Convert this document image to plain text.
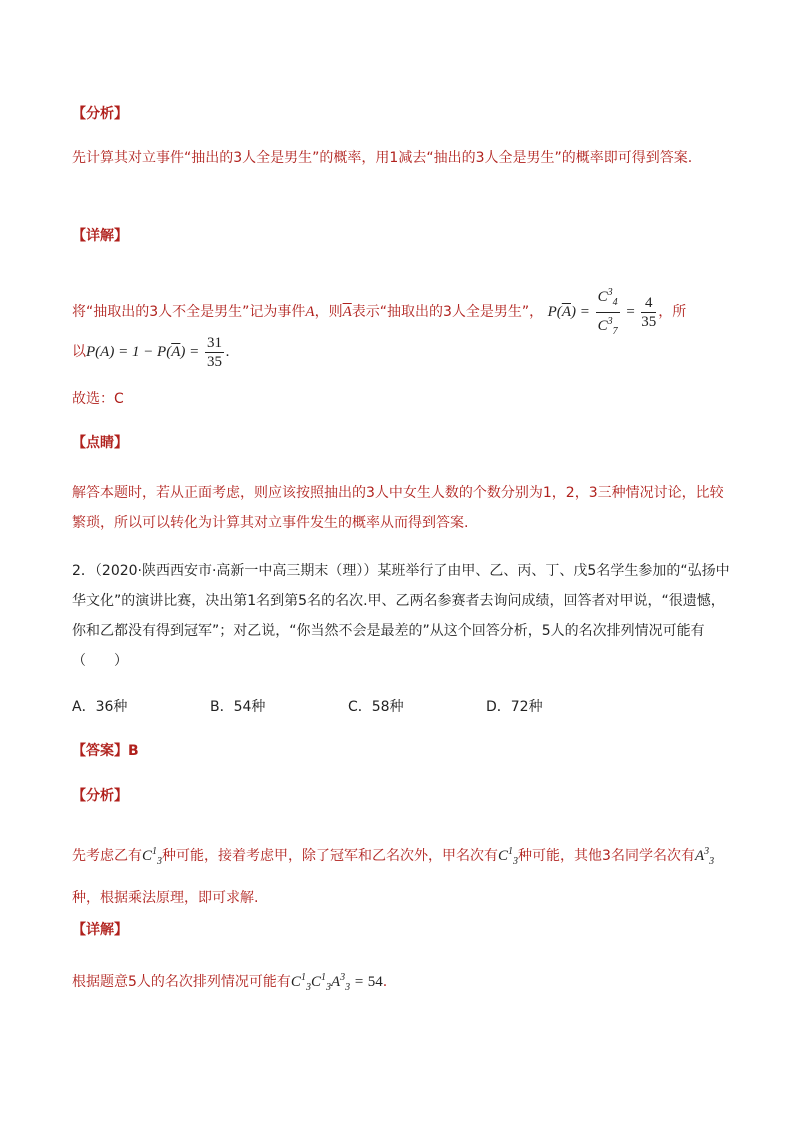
【分析】
先计算其对立事件“抽出的3人全是男生”的概率，用1减去“抽出的3人全是男生”的概率即可得到答案.
【详解】
将“抽取出的3人不全是男生”记为事件A，则$\overline{A}$表示“抽取出的3人全是男生”， $P(\overline{A}) = \frac{C^3_4}{C^3_7} = \frac{4}{35}$ ，所
以$P(A) = 1 - P(\overline{A}) = \frac{31}{35}$ .
故选：C
【点睛】
解答本题时，若从正面考虑，则应该按照抽出的3人中女生人数的个数分别为1，2，3三种情况讨论，比较繁琐，所以可以转化为计算其对立事件发生的概率从而得到答案.
2．（2020·陕西西安市·高新一中高三期末（理））某班举行了由甲、乙、丙、丁、戊5名学生参加的“弘扬中华文化”的演讲比赛，决出第1名到第5名的名次.甲、乙两名参赛者去询问成绩，回答者对甲说，“很遗憾，你和乙都没有得到冠军”；对乙说，“你当然不会是最差的”从这个回答分析，5人的名次排列情况可能有（　　）
A．36种	B．54种	C．58种	D．72种
【答案】B
【分析】
先考虑乙有$C^1_3$种可能，接着考虑甲，除了冠军和乙名次外，甲名次有$C^1_3$种可能，其他3名同学名次有$A^3_3$
种，根据乘法原理，即可求解.
【详解】
根据题意5人的名次排列情况可能有$C^1_3C^1_3A^3_3 = 54$.
